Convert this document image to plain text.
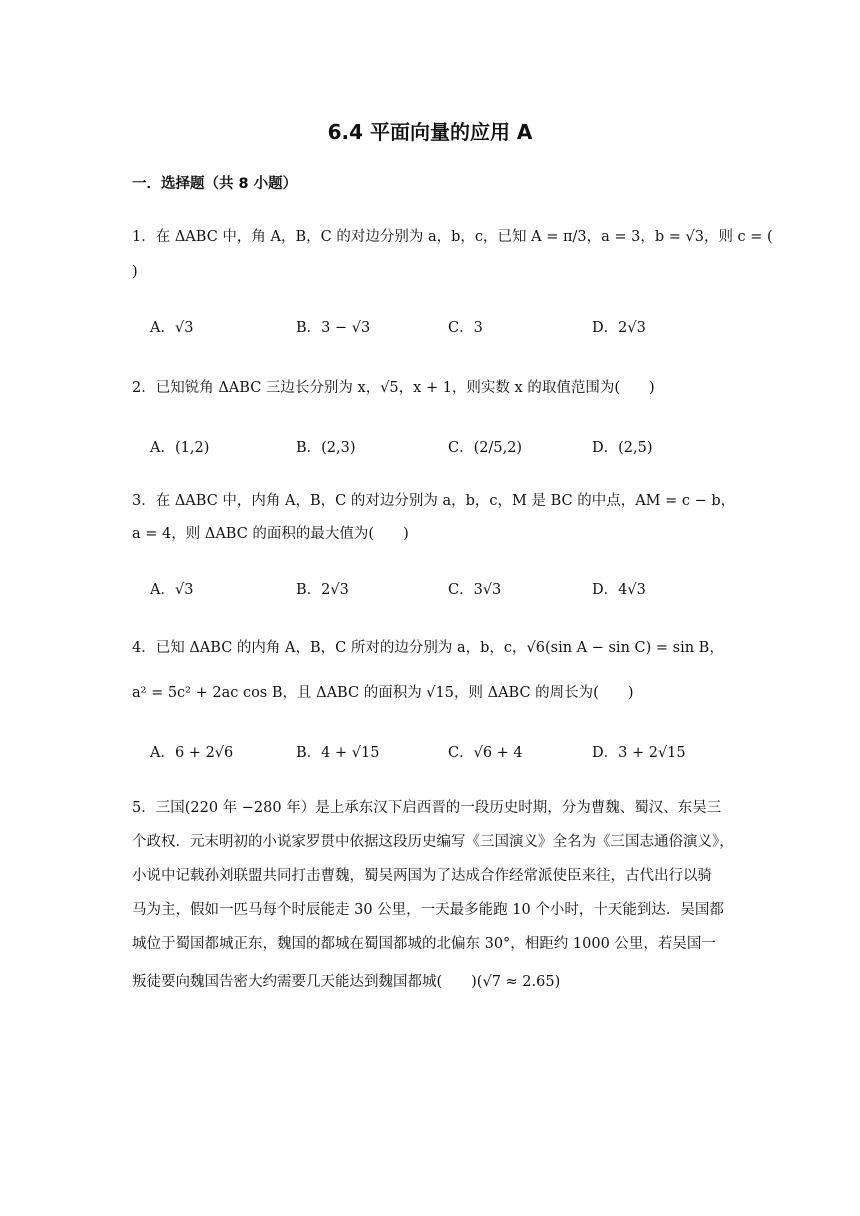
6.4 平面向量的应用 A
一．选择题（共 8 小题）
1．在 ΔABC 中，角 A，B，C 的对边分别为 a，b，c，已知 A = π/3，a = 3，b = √3，则 c = (
)
A．√3	B．3 − √3	C．3	D．2√3
2．已知锐角 ΔABC 三边长分别为 x，√5，x + 1，则实数 x 的取值范围为(　　)
A．(1,2)	B．(2,3)	C．(2/5,2)	D．(2,5)
3．在 ΔABC 中，内角 A，B，C 的对边分别为 a，b，c，M 是 BC 的中点，AM = c − b，
a = 4，则 ΔABC 的面积的最大值为(　　)
A．√3	B．2√3	C．3√3	D．4√3
4．已知 ΔABC 的内角 A，B，C 所对的边分别为 a，b，c，√6(sin A − sin C) = sin B，
a² = 5c² + 2ac cos B，且 ΔABC 的面积为 √15，则 ΔABC 的周长为(　　)
A．6 + 2√6	B．4 + √15	C．√6 + 4	D．3 + 2√15
5．三国(220 年 −280 年）是上承东汉下启西晋的一段历史时期，分为曹魏、蜀汉、东吴三
个政权．元末明初的小说家罗贯中依据这段历史编写《三国演义》全名为《三国志通俗演义》，
小说中记载孙刘联盟共同打击曹魏，蜀吴两国为了达成合作经常派使臣来往，古代出行以骑
马为主，假如一匹马每个时辰能走 30 公里，一天最多能跑 10 个小时，十天能到达．吴国都
城位于蜀国都城正东，魏国的都城在蜀国都城的北偏东 30°，相距约 1000 公里，若吴国一
叛徒要向魏国告密大约需要几天能达到魏国都城(　　)(√7 ≈ 2.65)
